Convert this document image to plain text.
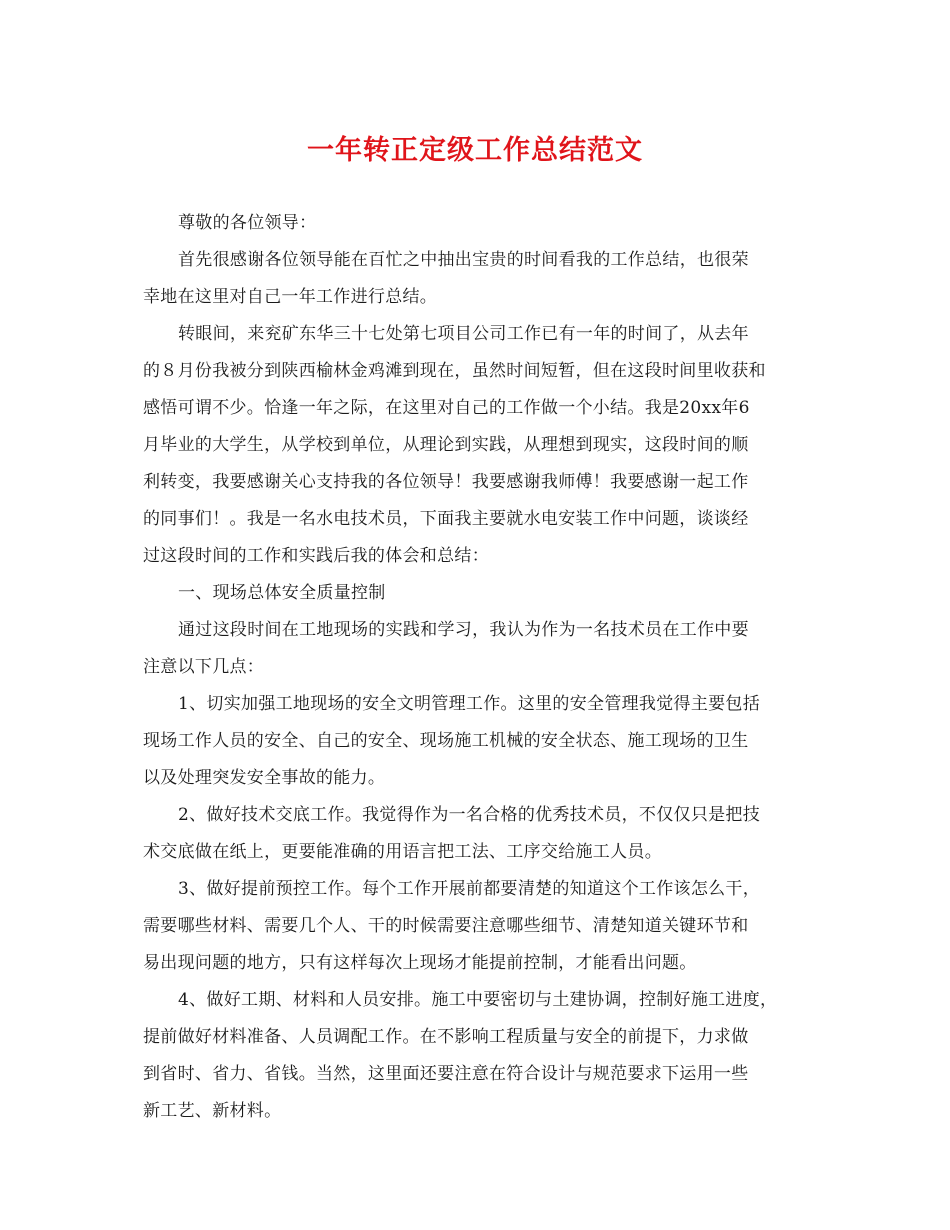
一年转正定级工作总结范文
尊敬的各位领导：
首先很感谢各位领导能在百忙之中抽出宝贵的时间看我的工作总结，也很荣
幸地在这里对自己一年工作进行总结。
转眼间，来兖矿东华三十七处第七项目公司工作已有一年的时间了，从去年
的８月份我被分到陕西榆林金鸡滩到现在，虽然时间短暂，但在这段时间里收获和
感悟可谓不少。恰逢一年之际，在这里对自己的工作做一个小结。我是20xx年6
月毕业的大学生，从学校到单位，从理论到实践，从理想到现实，这段时间的顺
利转变，我要感谢关心支持我的各位领导！我要感谢我师傅！我要感谢一起工作
的同事们！。我是一名水电技术员，下面我主要就水电安装工作中问题，谈谈经
过这段时间的工作和实践后我的体会和总结：
一、现场总体安全质量控制
通过这段时间在工地现场的实践和学习，我认为作为一名技术员在工作中要
注意以下几点：
1、切实加强工地现场的安全文明管理工作。这里的安全管理我觉得主要包括
现场工作人员的安全、自己的安全、现场施工机械的安全状态、施工现场的卫生
以及处理突发安全事故的能力。
2、做好技术交底工作。我觉得作为一名合格的优秀技术员，不仅仅只是把技
术交底做在纸上，更要能准确的用语言把工法、工序交给施工人员。
3、做好提前预控工作。每个工作开展前都要清楚的知道这个工作该怎么干，
需要哪些材料、需要几个人、干的时候需要注意哪些细节、清楚知道关键环节和
易出现问题的地方，只有这样每次上现场才能提前控制，才能看出问题。
4、做好工期、材料和人员安排。施工中要密切与土建协调，控制好施工进度，
提前做好材料准备、人员调配工作。在不影响工程质量与安全的前提下，力求做
到省时、省力、省钱。当然，这里面还要注意在符合设计与规范要求下运用一些
新工艺、新材料。
